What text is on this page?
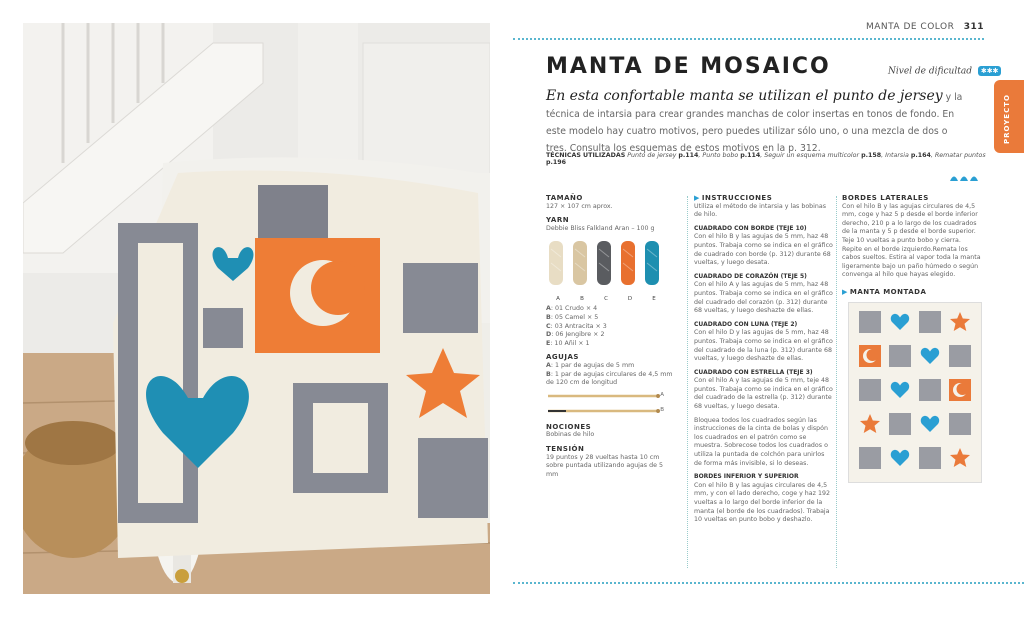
MANTA DE COLOR 311
PROYECTO
MANTA DE MOSAICO	Nivel de dificultad ✱✱✱
En esta confortable manta se utilizan el punto de jersey y la técnica de intarsia para crear grandes manchas de color insertas en tonos de fondo. En este modelo hay cuatro motivos, pero puedes utilizar sólo uno, o una mezcla de dos o tres. Consulta los esquemas de estos motivos en la p. 312.
TÉCNICAS UTILIZADAS Punto de jersey p.114, Punto bobo p.114, Seguir un esquema multicolor p.158, Intarsia p.164, Rematar puntos p.196
TAMAÑO
127 × 107 cm aprox.
YARN
Debbie Bliss Falkland Aran – 100 g
A	B	C	D	E
A: 01 Crudo × 4
B: 05 Camel × 5
C: 03 Antracita × 3
D: 06 Jengibre × 2
E: 10 Añil × 1
AGUJAS
A: 1 par de agujas de 5 mm
B: 1 par de agujas circulares de 4,5 mm de 120 cm de longitud
A
B
NOCIONES
Bobinas de hilo
TENSIÓN
19 puntos y 28 vueltas hasta 10 cm sobre puntada utilizando agujas de 5 mm
▶ INSTRUCCIONES
Utiliza el método de intarsia y las bobinas de hilo.
CUADRADO CON BORDE (TEJE 10)
Con el hilo B y las agujas de 5 mm, haz 48 puntos. Trabaja como se indica en el gráfico de cuadrado con borde (p. 312) durante 68 vueltas, y luego desata.
CUADRADO DE CORAZÓN (TEJE 5)
Con el hilo A y las agujas de 5 mm, haz 48 puntos. Trabaja como se indica en el gráfico del cuadrado del corazón (p. 312) durante 68 vueltas, y luego deshazte de ellas.
CUADRADO CON LUNA (TEJE 2)
Con el hilo D y las agujas de 5 mm, haz 48 puntos. Trabaja como se indica en el gráfico del cuadrado de la luna (p. 312) durante 68 vueltas, y luego deshazte de ellas.
CUADRADO CON ESTRELLA (TEJE 3)
Con el hilo A y las agujas de 5 mm, teje 48 puntos. Trabaja como se indica en el gráfico del cuadrado de la estrella (p. 312) durante 68 vueltas, y luego desata.
Bloquea todos los cuadrados según las instrucciones de la cinta de bolas y dispón los cuadrados en el patrón como se muestra. Sobrecose todos los cuadrados o utiliza la puntada de colchón para unirlos de forma más invisible, si lo deseas.
BORDES INFERIOR Y SUPERIOR
Con el hilo B y las agujas circulares de 4,5 mm, y con el lado derecho, coge y haz 192 vueltas a lo largo del borde inferior de la manta (el borde de los cuadrados). Trabaja 10 vueltas en punto bobo y deshazlo.
BORDES LATERALES
Con el hilo B y las agujas circulares de 4,5 mm, coge y haz 5 p desde el borde inferior derecho, 210 p a lo largo de los cuadrados de la manta y 5 p desde el borde superior. Teje 10 vueltas a punto bobo y cierra. Repite en el borde izquierdo.Remata los cabos sueltos. Estira al vapor toda la manta ligeramente bajo un paño húmedo o según convenga al hilo que hayas elegido.
▶ MANTA MONTADA
